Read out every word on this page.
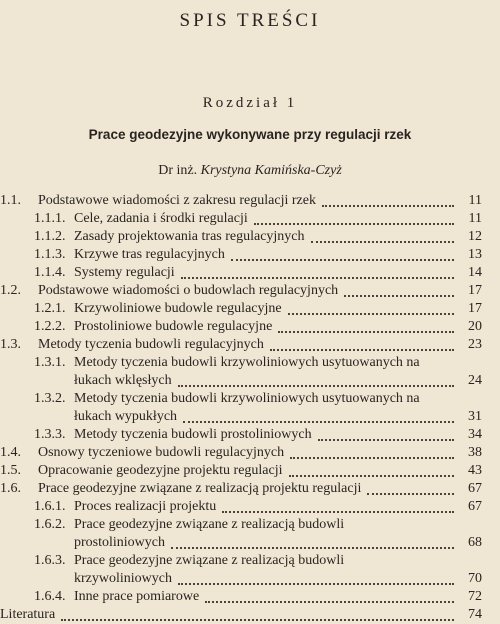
SPIS TREŚCI
Rozdział 1
Prace geodezyjne wykonywane przy regulacji rzek
Dr inż. Krystyna Kamińska-Czyż
1.1. Podstawowe wiadomości z zakresu regulacji rzek	11
1.1.1. Cele, zadania i środki regulacji	11
1.1.2. Zasady projektowania tras regulacyjnych	12
1.1.3. Krzywe tras regulacyjnych	13
1.1.4. Systemy regulacji	14
1.2. Podstawowe wiadomości o budowlach regulacyjnych	17
1.2.1. Krzywoliniowe budowle regulacyjne	17
1.2.2. Prostoliniowe budowle regulacyjne	20
1.3. Metody tyczenia budowli regulacyjnych	23
1.3.1. Metody tyczenia budowli krzywoliniowych usytuowanych na
łukach wklęsłych	24
1.3.2. Metody tyczenia budowli krzywoliniowych usytuowanych na
łukach wypukłych	31
1.3.3. Metody tyczenia budowli prostoliniowych	34
1.4. Osnowy tyczeniowe budowli regulacyjnych	38
1.5. Opracowanie geodezyjne projektu regulacji	43
1.6. Prace geodezyjne związane z realizacją projektu regulacji	67
1.6.1. Proces realizacji projektu	67
1.6.2. Prace geodezyjne związane z realizacją budowli
prostoliniowych	68
1.6.3. Prace geodezyjne związane z realizacją budowli
krzywoliniowych	70
1.6.4. Inne prace pomiarowe	72
Literatura	74
